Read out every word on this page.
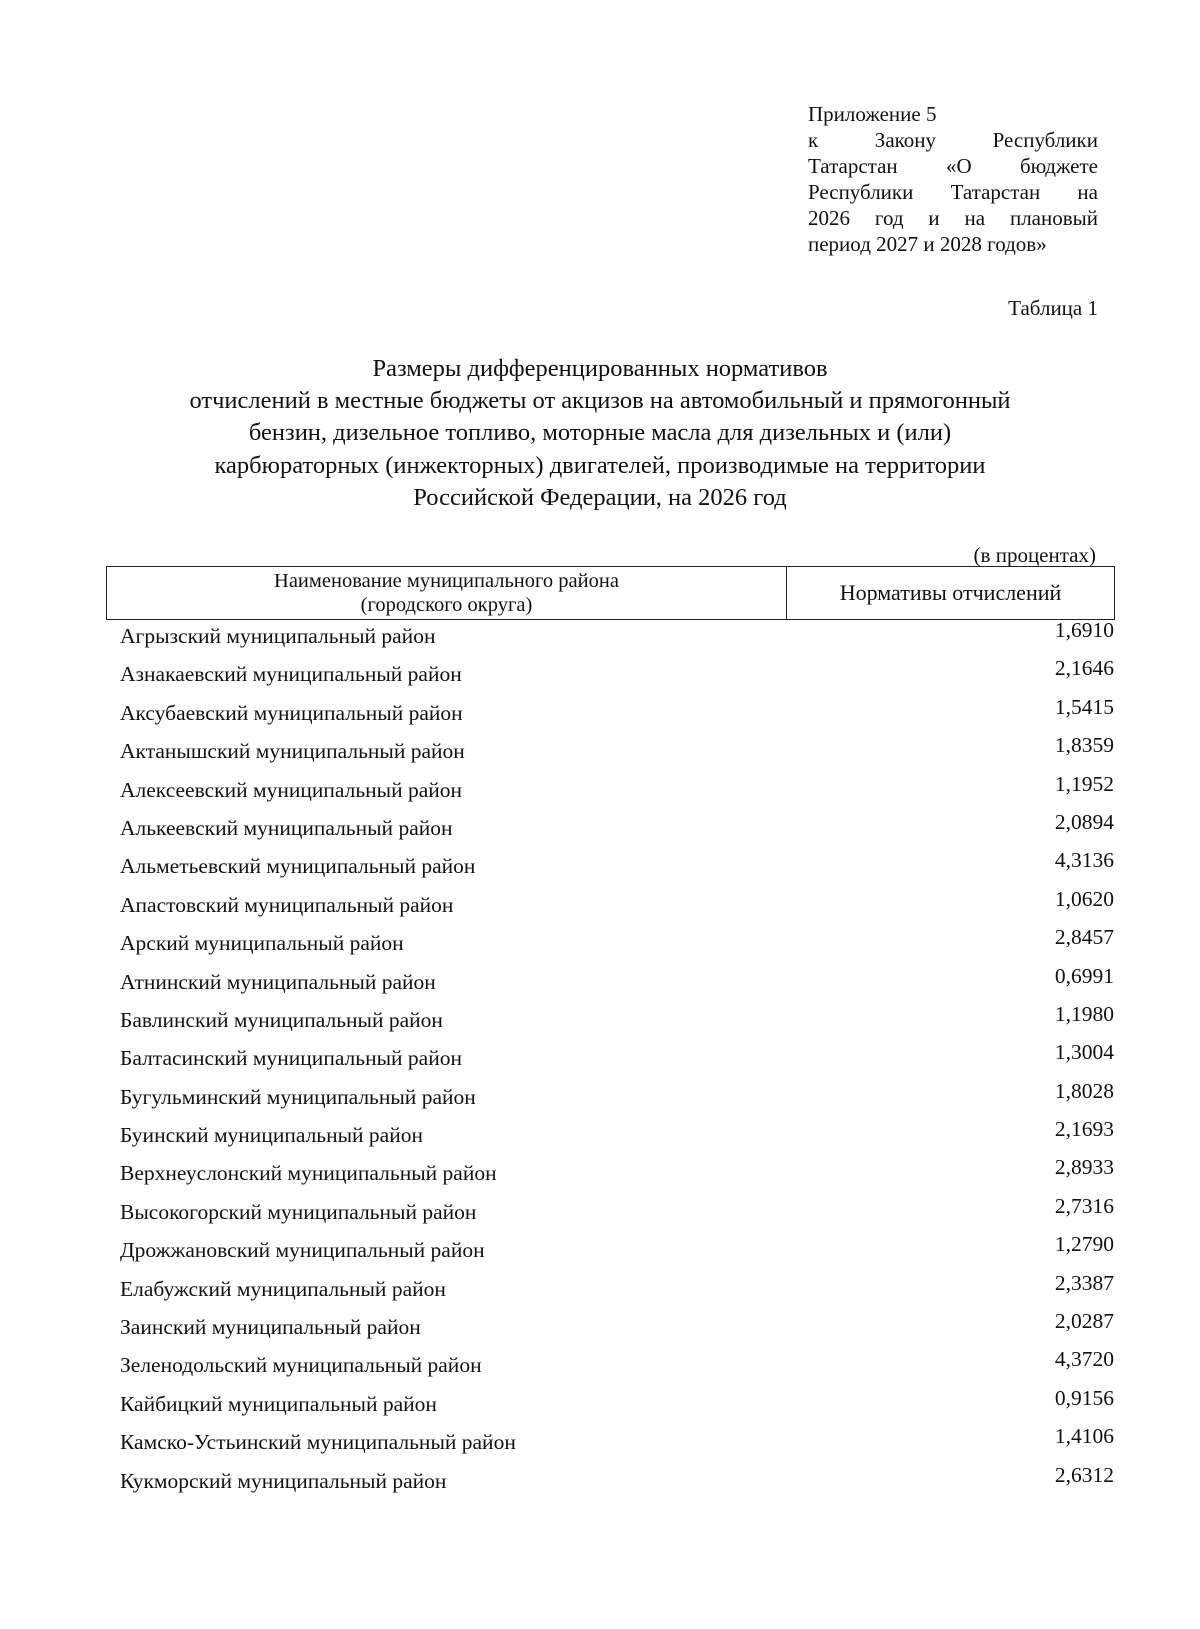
Приложение 5
к Закону Республики
Татарстан «О бюджете
Республики Татарстан на
2026 год и на плановый
период 2027 и 2028 годов»
Таблица 1
Размеры дифференцированных нормативов
отчислений в местные бюджеты от акцизов на автомобильный и прямогонный
бензин, дизельное топливо, моторные масла для дизельных и (или)
карбюраторных (инжекторных) двигателей, производимые на территории
Российской Федерации, на 2026 год
(в процентах)
Наименование муниципального района
(городского округа)	Нормативы отчислений
Агрызский муниципальный район	1,6910
Азнакаевский муниципальный район	2,1646
Аксубаевский муниципальный район	1,5415
Актанышский муниципальный район	1,8359
Алексеевский муниципальный район	1,1952
Алькеевский муниципальный район	2,0894
Альметьевский муниципальный район	4,3136
Апастовский муниципальный район	1,0620
Арский муниципальный район	2,8457
Атнинский муниципальный район	0,6991
Бавлинский муниципальный район	1,1980
Балтасинский муниципальный район	1,3004
Бугульминский муниципальный район	1,8028
Буинский муниципальный район	2,1693
Верхнеуслонский муниципальный район	2,8933
Высокогорский муниципальный район	2,7316
Дрожжановский муниципальный район	1,2790
Елабужский муниципальный район	2,3387
Заинский муниципальный район	2,0287
Зеленодольский муниципальный район	4,3720
Кайбицкий муниципальный район	0,9156
Камско-Устьинский муниципальный район	1,4106
Кукморский муниципальный район	2,6312
